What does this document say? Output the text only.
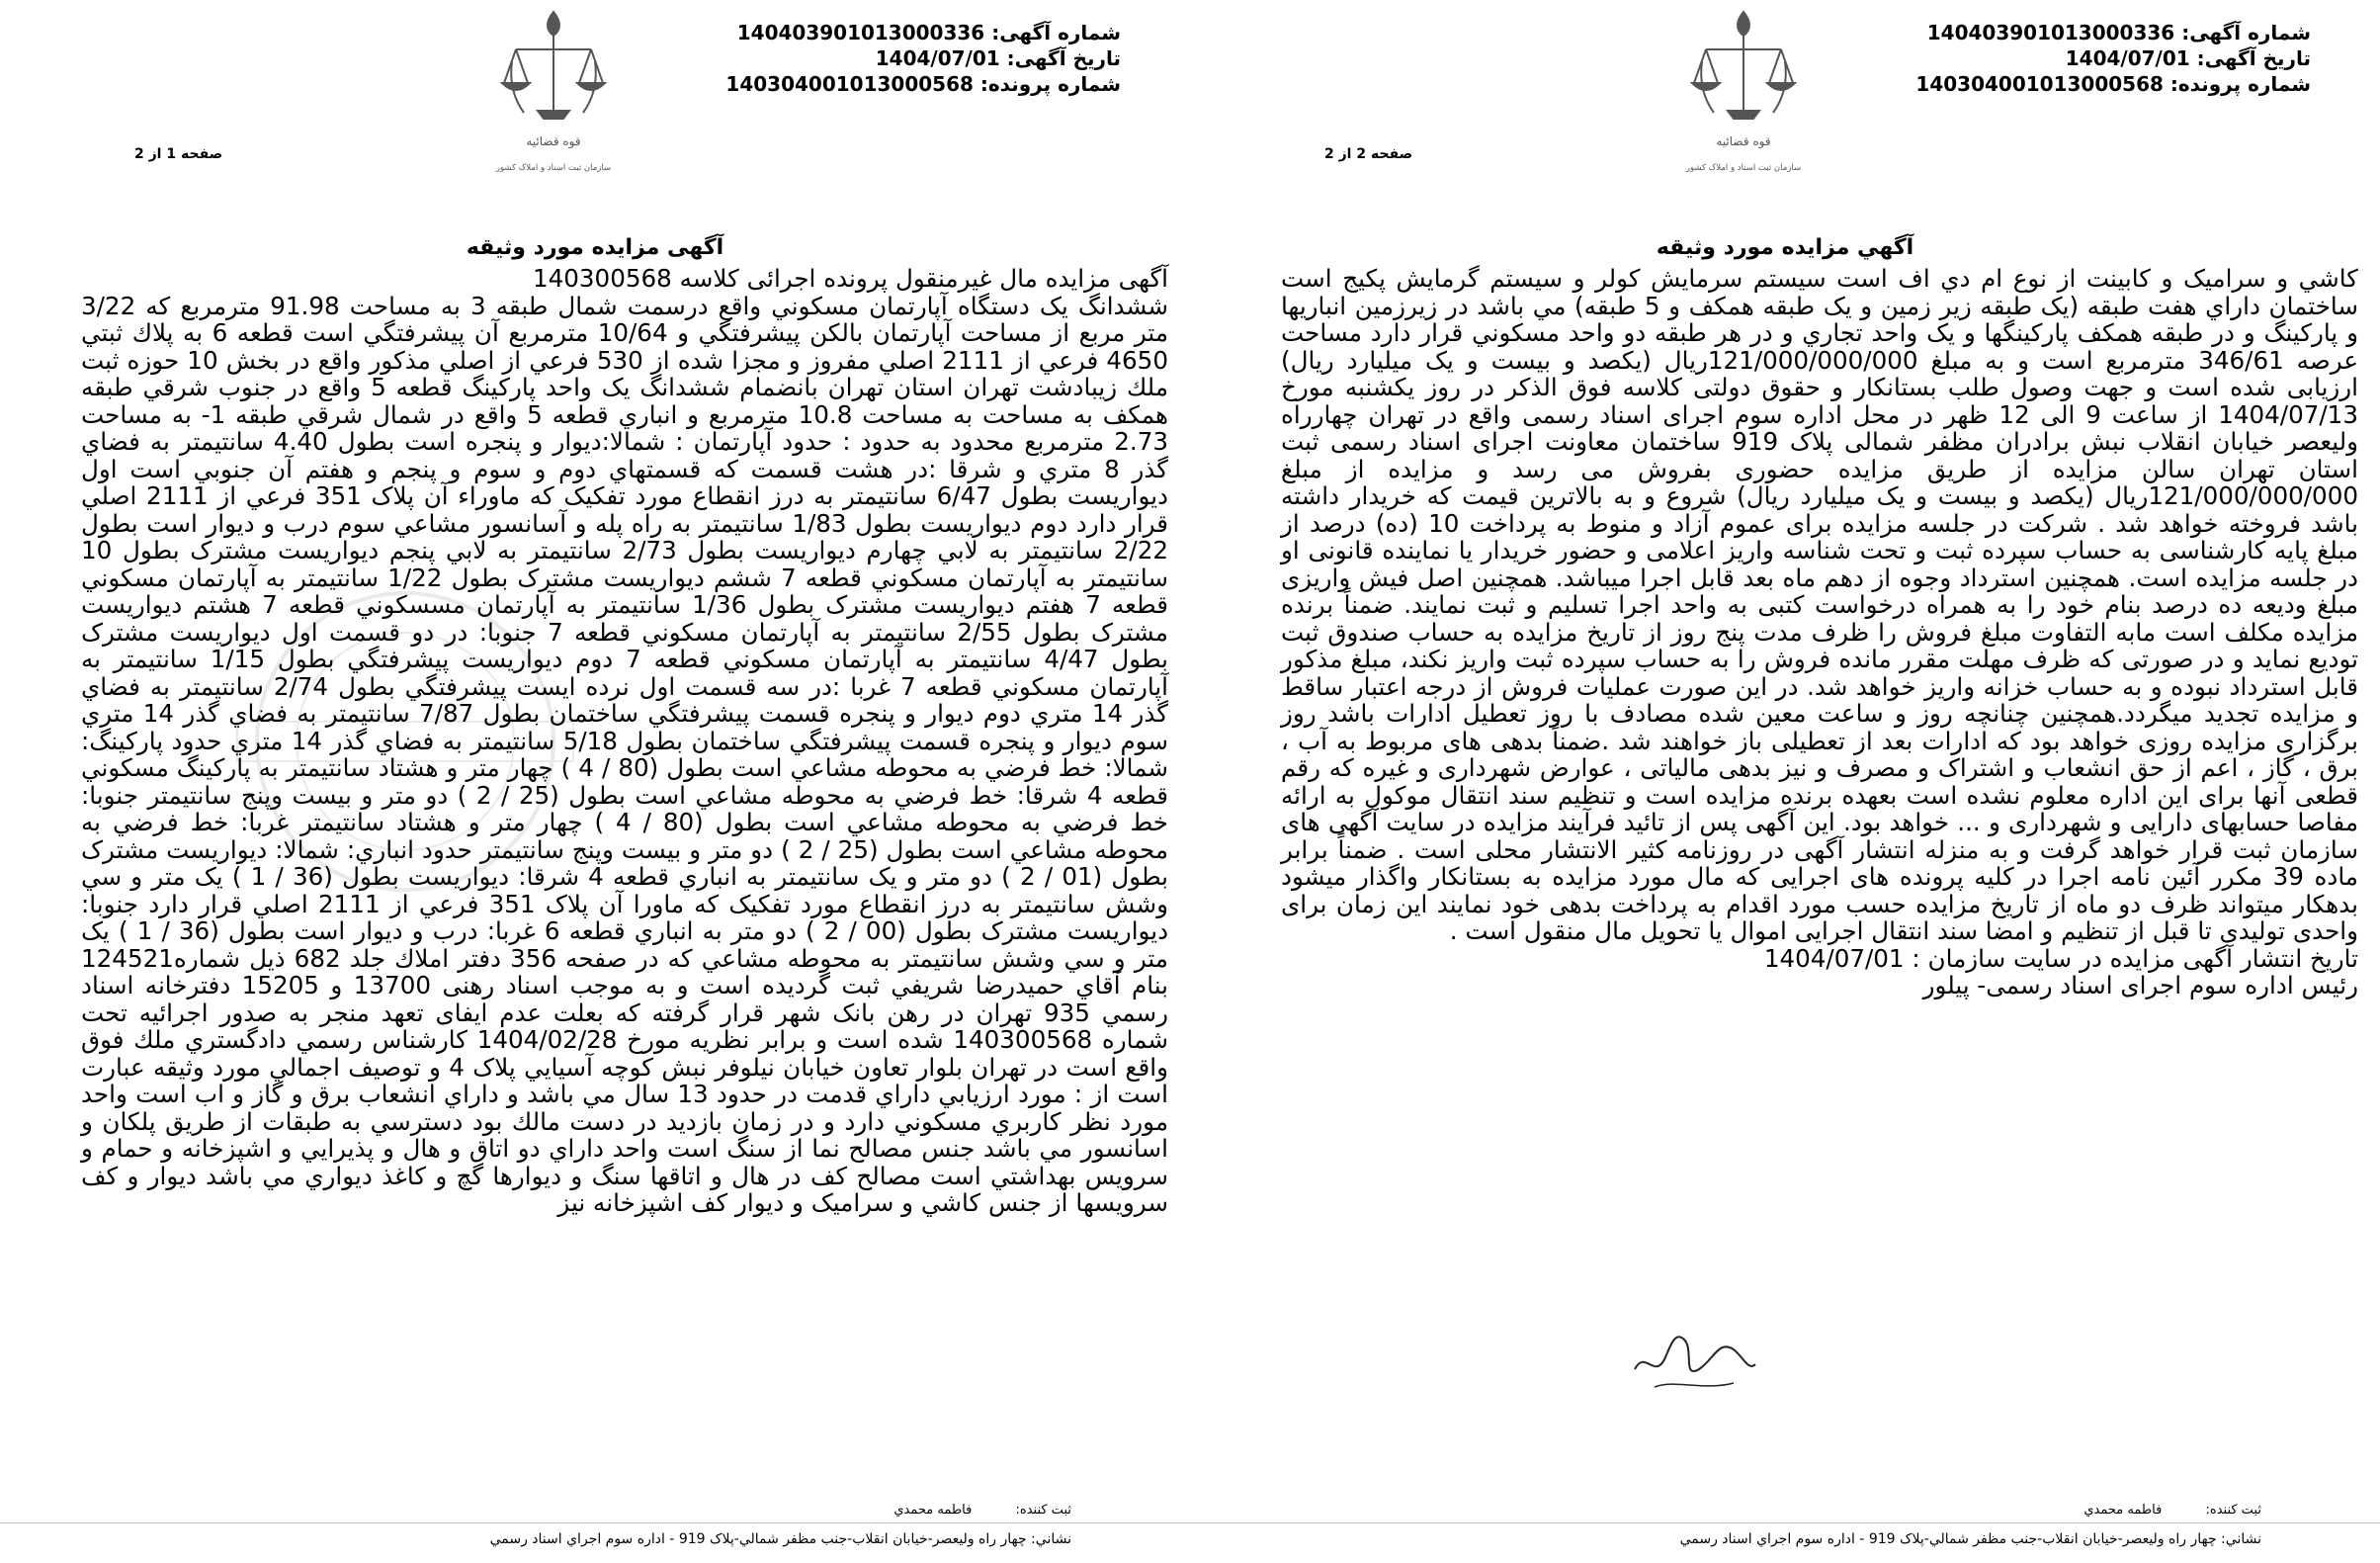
قوه قضائیه
سازمان ثبت اسناد و املاک کشور
شماره آگهی: 140403901013000336
تاریخ آگهی: 1404/07/01
شماره پرونده: 140304001013000568
صفحه 1 از 2
آگهی مزایده مورد وثیقه

آگهی مزایده مال غیرمنقول پرونده اجرائی کلاسه 140300568

ششدانگ يک دستگاه آپارتمان مسكوني واقع درسمت شمال طبقه 3 به مساحت 91.98 مترمربع كه 3/22 متر مربع از مساحت آپارتمان بالكن پيشرفتگي و 10/64 مترمربع آن پيشرفتگي است قطعه 6 به پلاك ثبتي 4650 فرعي از 2111 اصلي مفروز و مجزا شده از 530 فرعي از اصلي مذكور واقع در بخش 10 حوزه ثبت ملك زيبادشت تهران استان تهران بانضمام ششدانگ يک واحد پاركينگ قطعه 5 واقع در جنوب شرقي طبقه همكف به مساحت به مساحت 10.8 مترمربع و انباري قطعه 5 واقع در شمال شرقي طبقه 1- به مساحت 2.73 مترمربع محدود به حدود : حدود آپارتمان : شمالا:ديوار و پنجره است بطول 4.40 سانتيمتر به فضاي گذر 8 متري و شرقا :در هشت قسمت كه قسمتهاي دوم و سوم و پنجم و هفتم آن جنوبي است اول ديواريست بطول 6/47 سانتيمتر به درز انقطاع مورد تفكيک كه ماوراء آن پلاک 351 فرعي از 2111 اصلي قرار دارد دوم ديواريست بطول 1/83 سانتيمتر به راه پله و آسانسور مشاعي سوم درب و ديوار است بطول 2/22 سانتيمتر به لابي چهارم ديواريست بطول 2/73 سانتيمتر به لابي پنجم ديواريست مشترک بطول 10 سانتيمتر به آپارتمان مسكوني قطعه 7 ششم ديواريست مشترک بطول 1/22 سانتيمتر به آپارتمان مسكوني قطعه 7 هفتم ديواريست مشترک بطول 1/36 سانتيمتر به آپارتمان مسسكوني قطعه 7 هشتم ديواريست مشترک بطول 2/55 سانتيمتر به آپارتمان مسكوني قطعه 7 جنوبا: در دو قسمت اول ديواريست مشترک بطول 4/47 سانتيمتر به آپارتمان مسكوني قطعه 7 دوم ديواريست پيشرفتگي بطول 1/15 سانتيمتر به آپارتمان مسكوني قطعه 7 غربا :در سه قسمت اول نرده ايست پيشرفتگي بطول 2/74 سانتيمتر به فضاي گذر 14 متري دوم ديوار و پنجره قسمت پيشرفتگي ساختمان بطول 7/87 سانتيمتر به فضاي گذر 14 متري سوم ديوار و پنجره قسمت پيشرفتگي ساختمان بطول 5/18 سانتيمتر به فضاي گذر 14 متري حدود پاركينگ: شمالا: خط فرضي به محوطه مشاعي است بطول (80 / 4 ) چهار متر و هشتاد سانتيمتر به پاركينگ مسكوني قطعه 4 شرقا: خط فرضي به محوطه مشاعي است بطول (25 / 2 ) دو متر و بيست وپنج سانتيمتر جنوبا: خط فرضي به محوطه مشاعي است بطول (80 / 4 ) چهار متر و هشتاد سانتيمتر غربا: خط فرضي به محوطه مشاعي است بطول (25 / 2 ) دو متر و بيست وپنج سانتيمتر حدود انباري: شمالا: ديواريست مشترک بطول (01 / 2 ) دو متر و يک سانتيمتر به انباري قطعه 4 شرقا: ديواريست بطول (36 / 1 ) يک متر و سي وشش سانتيمتر به درز انقطاع مورد تفكيک كه ماورا آن پلاک 351 فرعي از 2111 اصلي قرار دارد جنوبا: ديواريست مشترک بطول (00 / 2 ) دو متر به انباري قطعه 6 غربا: درب و ديوار است بطول (36 / 1 ) يک متر و سي وشش سانتيمتر به محوطه مشاعي كه در صفحه 356 دفتر املاك جلد 682 ذيل شماره124521 بنام آقاي حميدرضا شريفي ثبت گرديده است و به موجب اسناد رهنی 13700 و 15205 دفترخانه اسناد رسمي 935 تهران در رهن بانک شهر قرار گرفته كه بعلت عدم ايفای تعهد منجر به صدور اجرائيه تحت شماره 140300568 شده است و برابر نظريه مورخ 1404/02/28 كارشناس رسمي دادگستري ملك فوق واقع است در تهران بلوار تعاون خيابان نيلوفر نبش كوچه آسيايي پلاک 4 و توصيف اجمالي مورد وثيقه عبارت است از : مورد ارزيابي داراي قدمت در حدود 13 سال مي باشد و داراي انشعاب برق و گاز و اب است واحد مورد نظر كاربري مسكوني دارد و در زمان بازديد در دست مالك بود دسترسي به طبقات از طريق پلكان و اسانسور مي باشد جنس مصالح نما از سنگ است واحد داراي دو اتاق و هال و پذيرايي و اشپزخانه و حمام و سرويس بهداشتي است مصالح كف در هال و اتاقها سنگ و ديوارها گچ و كاغذ ديواري مي باشد ديوار و كف سرويسها از جنس كاشي و سراميک و ديوار كف اشپزخانه نيز

ثبت کننده: فاطمه محمدي
نشاني: چهار راه وليعصر-خيابان انقلاب-جنب مظفر شمالي-پلاک 919 - اداره سوم اجراي اسناد رسمي
قوه قضائیه
سازمان ثبت اسناد و املاک کشور
شماره آگهی: 140403901013000336
تاریخ آگهی: 1404/07/01
شماره پرونده: 140304001013000568
صفحه 2 از 2
آگهي مزايده مورد وثيقه

كاشي و سراميک و كابينت از نوع ام دي اف است سيستم سرمايش كولر و سيستم گرمايش پكيج است ساختمان داراي هفت طبقه (يک طبقه زير زمين و يک طبقه همكف و 5 طبقه) مي باشد در زيرزمين انباريها و پاركينگ و در طبقه همكف پاركينگها و يک واحد تجاري و در هر طبقه دو واحد مسكوني قرار دارد مساحت عرصه 346/61 مترمربع است و به مبلغ 121/000/000/000ريال (يكصد و بيست و يک ميليارد ريال) ارزيابی شده است و جهت وصول طلب بستانكار و حقوق دولتی كلاسه فوق الذكر در روز يكشنبه مورخ 1404/07/13 از ساعت 9 الی 12 ظهر در محل اداره سوم اجرای اسناد رسمی واقع در تهران چهارراه وليعصر خيابان انقلاب نبش برادران مظفر شمالی پلاک 919 ساختمان معاونت اجرای اسناد رسمی ثبت استان تهران سالن مزايده از طريق مزايده حضوری بفروش می رسد و مزايده از مبلغ 121/000/000/000ريال (يكصد و بيست و يک ميليارد ريال) شروع و به بالاترين قيمت كه خريدار داشته باشد فروخته خواهد شد . شركت در جلسه مزايده برای عموم آزاد و منوط به پرداخت 10 (ده) درصد از مبلغ پايه كارشناسی به حساب سپرده ثبت و تحت شناسه واريز اعلامی و حضور خريدار يا نماينده قانونی او در جلسه مزايده است. همچنين استرداد وجوه از دهم ماه بعد قابل اجرا ميباشد. همچنين اصل فيش واريزی مبلغ وديعه ده درصد بنام خود را به همراه درخواست كتبی به واحد اجرا تسليم و ثبت نمايند. ضمناً برنده مزايده مكلف است مابه التفاوت مبلغ فروش را ظرف مدت پنج روز از تاريخ مزايده به حساب صندوق ثبت توديع نمايد و در صورتی كه ظرف مهلت مقرر مانده فروش را به حساب سپرده ثبت واريز نكند، مبلغ مذكور قابل استرداد نبوده و به حساب خزانه واريز خواهد شد. در اين صورت عمليات فروش از درجه اعتبار ساقط و مزايده تجديد ميگردد.همچنين چنانچه روز و ساعت معين شده مصادف با روز تعطيل ادارات باشد روز برگزاری مزايده روزی خواهد بود كه ادارات بعد از تعطيلی باز خواهند شد .ضمناً بدهی های مربوط به آب ، برق ، گاز ، اعم از حق انشعاب و اشتراک و مصرف و نيز بدهی مالياتی ، عوارض شهرداری و غيره كه رقم قطعی آنها برای اين اداره معلوم نشده است بعهده برنده مزايده است و تنظيم سند انتقال موكول به ارائه مفاصا حسابهای دارايی و شهرداری و ... خواهد بود. اين آگهی پس از تائيد فرآيند مزايده در سايت آگهی های سازمان ثبت قرار خواهد گرفت و به منزله انتشار آگهی در روزنامه كثير الانتشار محلی است . ضمناً برابر ماده 39 مكرر آئين نامه اجرا در كليه پرونده های اجرايی كه مال مورد مزايده به بستانكار واگذار ميشود بدهكار ميتواند ظرف دو ماه از تاريخ مزايده حسب مورد اقدام به پرداخت بدهی خود نمايند اين زمان برای واحدی توليدی تا قبل از تنظيم و امضا سند انتقال اجرايی اموال يا تحويل مال منقول است .

تاريخ انتشار آگهی مزايده در سايت سازمان : 1404/07/01

رئيس اداره سوم اجرای اسناد رسمی- پيلور

ثبت کننده: فاطمه محمدي
نشاني: چهار راه وليعصر-خيابان انقلاب-جنب مظفر شمالي-پلاک 919 - اداره سوم اجراي اسناد رسمي
